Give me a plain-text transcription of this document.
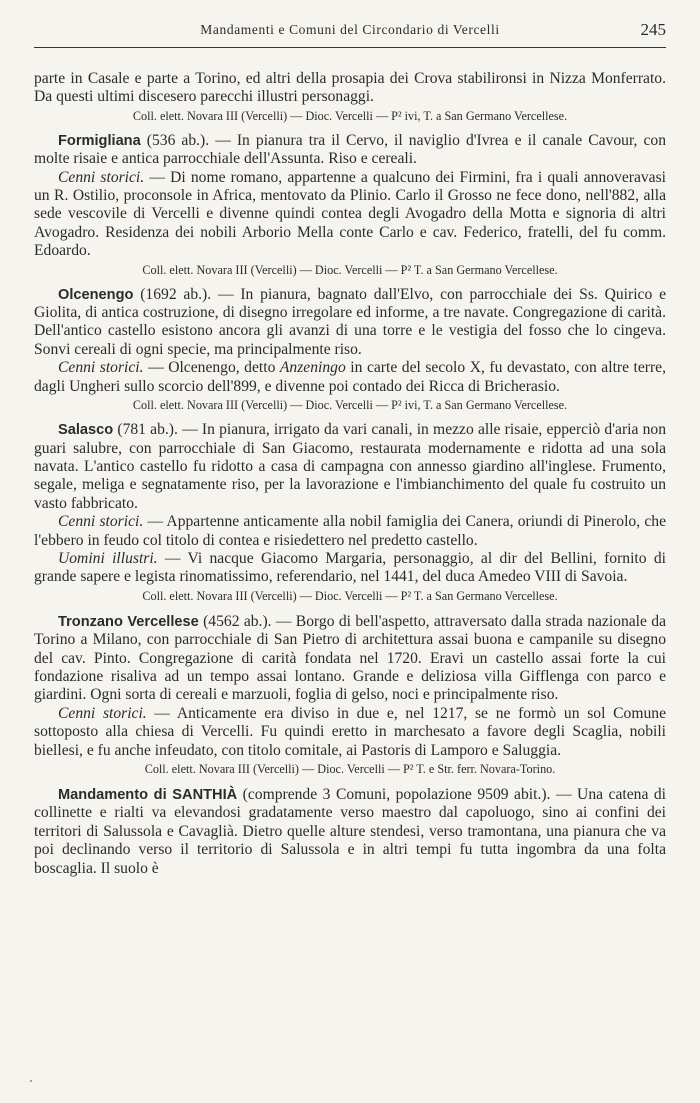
Mandamenti e Comuni del Circondario di Vercelli	245

parte in Casale e parte a Torino, ed altri della prosapia dei Crova stabilironsi in Nizza Monferrato. Da questi ultimi discesero parecchi illustri personaggi.

Coll. elett. Novara III (Vercelli) — Dioc. Vercelli — P² ivi, T. a San Germano Vercellese.

Formigliana (536 ab.). — In pianura tra il Cervo, il naviglio d'Ivrea e il canale Cavour, con molte risaie e antica parrocchiale dell'Assunta. Riso e cereali.

Cenni storici. — Di nome romano, appartenne a qualcuno dei Firmini, fra i quali annoveravasi un R. Ostilio, proconsole in Africa, mentovato da Plinio. Carlo il Grosso ne fece dono, nell'882, alla sede vescovile di Vercelli e divenne quindi contea degli Avogadro della Motta e signoria di altri Avogadro. Residenza dei nobili Arborio Mella conte Carlo e cav. Federico, fratelli, del fu comm. Edoardo.

Coll. elett. Novara III (Vercelli) — Dioc. Vercelli — P² T. a San Germano Vercellese.

Olcenengo (1692 ab.). — In pianura, bagnato dall'Elvo, con parrocchiale dei Ss. Quirico e Giolita, di antica costruzione, di disegno irregolare ed informe, a tre navate. Congregazione di carità. Dell'antico castello esistono ancora gli avanzi di una torre e le vestigia del fosso che lo cingeva. Sonvi cereali di ogni specie, ma principalmente riso.

Cenni storici. — Olcenengo, detto Anzeningo in carte del secolo X, fu devastato, con altre terre, dagli Ungheri sullo scorcio dell'899, e divenne poi contado dei Ricca di Bricherasio.

Coll. elett. Novara III (Vercelli) — Dioc. Vercelli — P² ivi, T. a San Germano Vercellese.

Salasco (781 ab.). — In pianura, irrigato da vari canali, in mezzo alle risaie, epperciò d'aria non guari salubre, con parrocchiale di San Giacomo, restaurata modernamente e ridotta ad una sola navata. L'antico castello fu ridotto a casa di campagna con annesso giardino all'inglese. Frumento, segale, meliga e segnatamente riso, per la lavorazione e l'imbianchimento del quale fu costruito un vasto fabbricato.

Cenni storici. — Appartenne anticamente alla nobil famiglia dei Canera, oriundi di Pinerolo, che l'ebbero in feudo col titolo di contea e risiedettero nel predetto castello.

Uomini illustri. — Vi nacque Giacomo Margaria, personaggio, al dir del Bellini, fornito di grande sapere e legista rinomatissimo, referendario, nel 1441, del duca Amedeo VIII di Savoia.

Coll. elett. Novara III (Vercelli) — Dioc. Vercelli — P² T. a San Germano Vercellese.

Tronzano Vercellese (4562 ab.). — Borgo di bell'aspetto, attraversato dalla strada nazionale da Torino a Milano, con parrocchiale di San Pietro di architettura assai buona e campanile su disegno del cav. Pinto. Congregazione di carità fondata nel 1720. Eravi un castello assai forte la cui fondazione risaliva ad un tempo assai lontano. Grande e deliziosa villa Gifflenga con parco e giardini. Ogni sorta di cereali e marzuoli, foglia di gelso, noci e principalmente riso.

Cenni storici. — Anticamente era diviso in due e, nel 1217, se ne formò un sol Comune sottoposto alla chiesa di Vercelli. Fu quindi eretto in marchesato a favore degli Scaglia, nobili biellesi, e fu anche infeudato, con titolo comitale, ai Pastoris di Lamporo e Saluggia.

Coll. elett. Novara III (Vercelli) — Dioc. Vercelli — P² T. e Str. ferr. Novara-Torino.

Mandamento di SANTHIÀ (comprende 3 Comuni, popolazione 9509 abit.). — Una catena di collinette e rialti va elevandosi gradatamente verso maestro dal capoluogo, sino ai confini dei territori di Salussola e Cavaglià. Dietro quelle alture stendesi, verso tramontana, una pianura che va poi declinando verso il territorio di Salussola e in altri tempi fu tutta ingombra da una folta boscaglia. Il suolo è
